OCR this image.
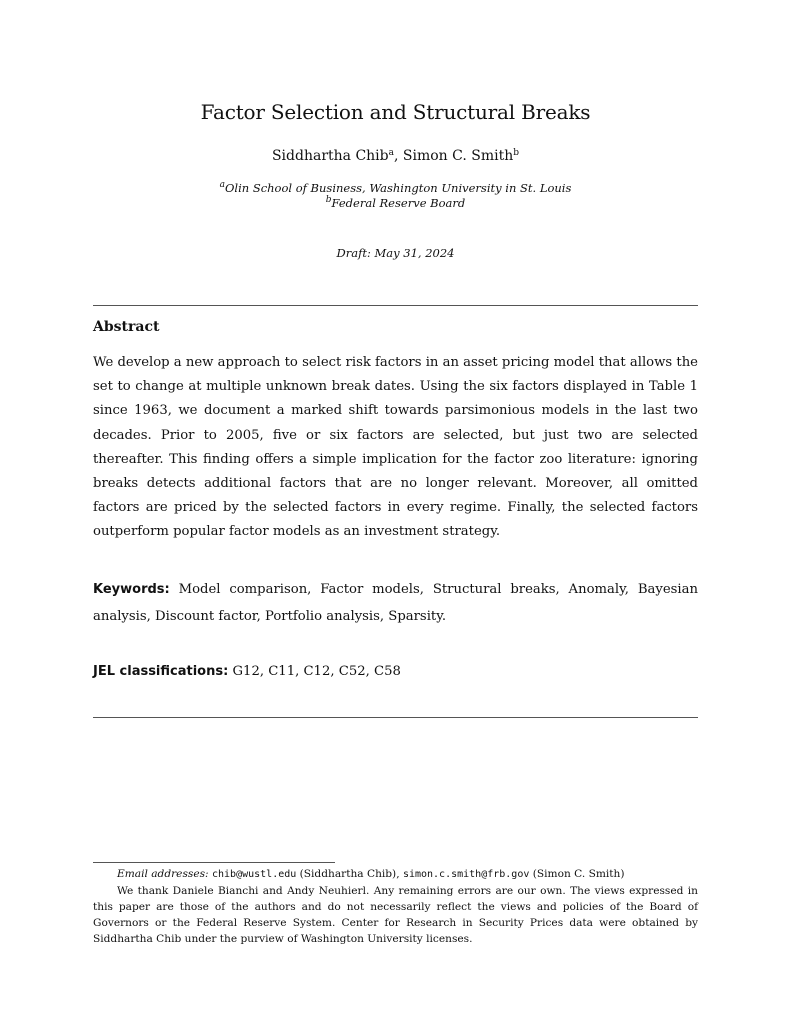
Factor Selection and Structural Breaks
Siddhartha Chib$^a$, Simon C. Smith$^b$
$^a$Olin School of Business, Washington University in St. Louis
$^b$Federal Reserve Board
Draft: May 31, 2024
Abstract

We develop a new approach to select risk factors in an asset pricing model that allows the set to change at multiple unknown break dates. Using the six factors displayed in Table 1 since 1963, we document a marked shift towards parsimonious models in the last two decades. Prior to 2005, five or six factors are selected, but just two are selected thereafter. This finding offers a simple implication for the factor zoo literature: ignoring breaks detects additional factors that are no longer relevant. Moreover, all omitted factors are priced by the selected factors in every regime. Finally, the selected factors outperform popular factor models as an investment strategy.

Keywords: Model comparison, Factor models, Structural breaks, Anomaly, Bayesian analysis, Discount factor, Portfolio analysis, Sparsity.

JEL classifications: G12, C11, C12, C52, C58

Email addresses: chib@wustl.edu (Siddhartha Chib), simon.c.smith@frb.gov (Simon C. Smith)

We thank Daniele Bianchi and Andy Neuhierl. Any remaining errors are our own. The views expressed in this paper are those of the authors and do not necessarily reflect the views and policies of the Board of Governors or the Federal Reserve System. Center for Research in Security Prices data were obtained by Siddhartha Chib under the purview of Washington University licenses.
